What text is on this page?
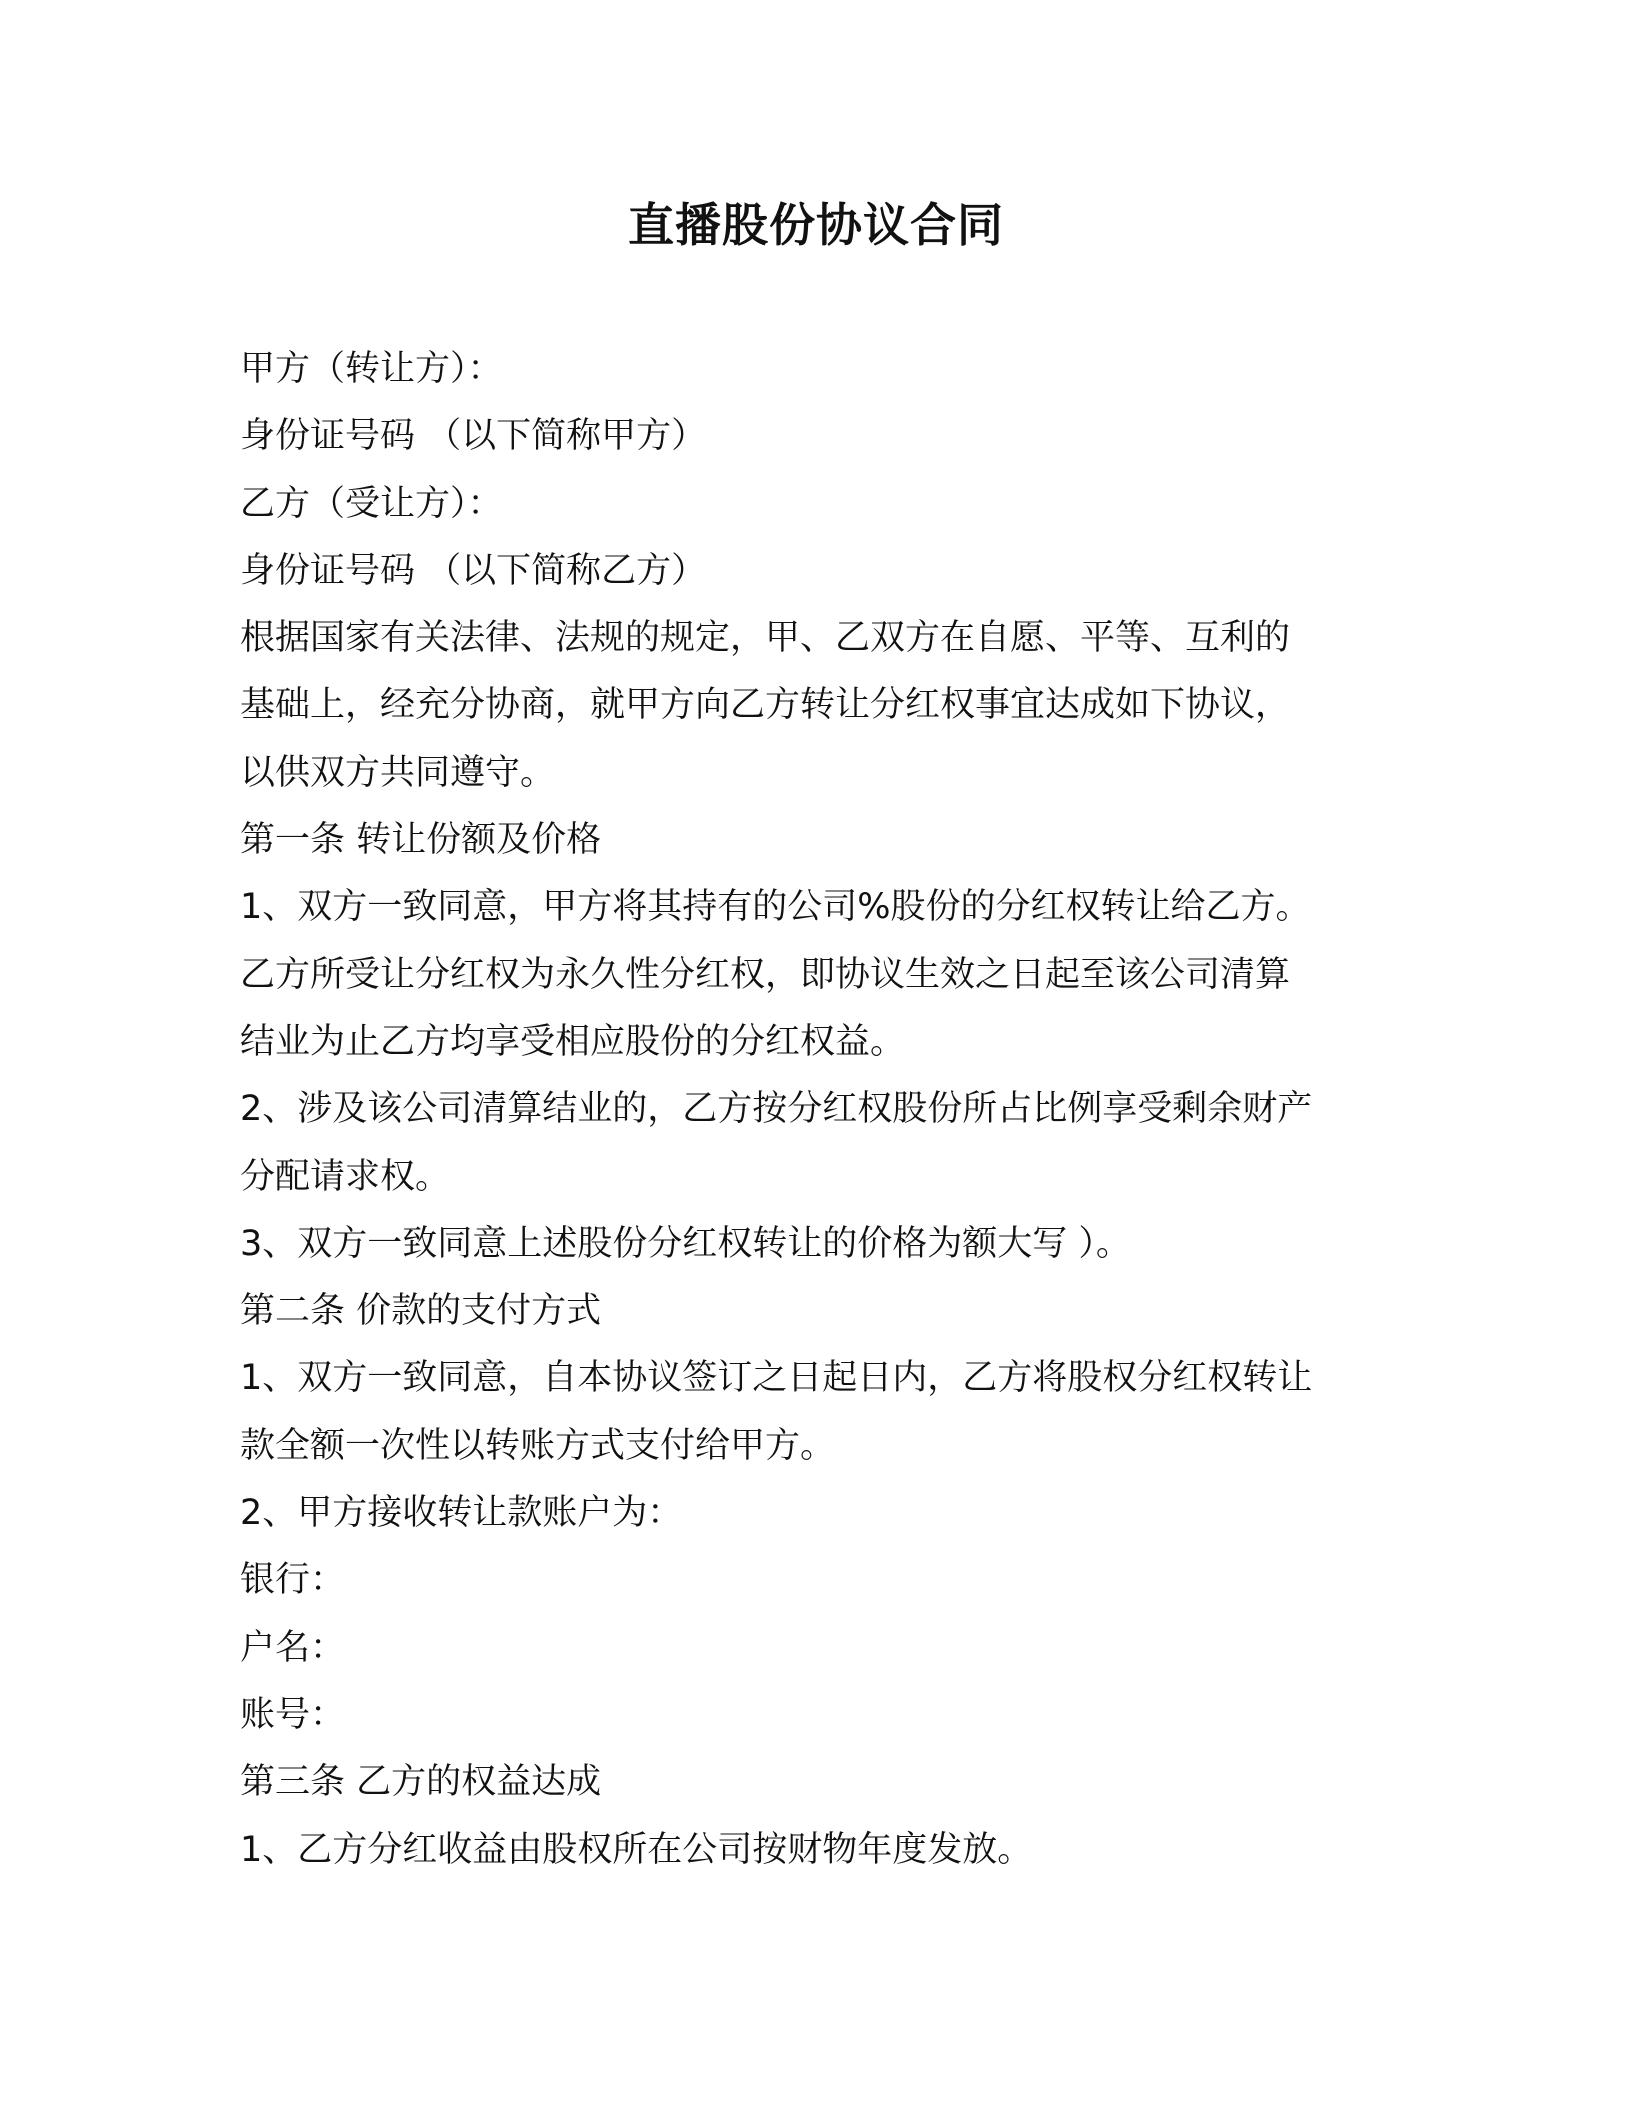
直播股份协议合同

甲方（转让方）：

身份证号码 （以下简称甲方）

乙方（受让方）：

身份证号码 （以下简称乙方）

根据国家有关法律、法规的规定，甲、乙双方在自愿、平等、互利的

基础上，经充分协商，就甲方向乙方转让分红权事宜达成如下协议，

以供双方共同遵守。

第一条 转让份额及价格

1、双方一致同意，甲方将其持有的公司%股份的分红权转让给乙方。

乙方所受让分红权为永久性分红权，即协议生效之日起至该公司清算

结业为止乙方均享受相应股份的分红权益。

2、涉及该公司清算结业的，乙方按分红权股份所占比例享受剩余财产

分配请求权。

3、双方一致同意上述股份分红权转让的价格为额大写 ）。

第二条 价款的支付方式

1、双方一致同意，自本协议签订之日起日内，乙方将股权分红权转让

款全额一次性以转账方式支付给甲方。

2、甲方接收转让款账户为：

银行：

户名：

账号：

第三条 乙方的权益达成

1、乙方分红收益由股权所在公司按财物年度发放。
